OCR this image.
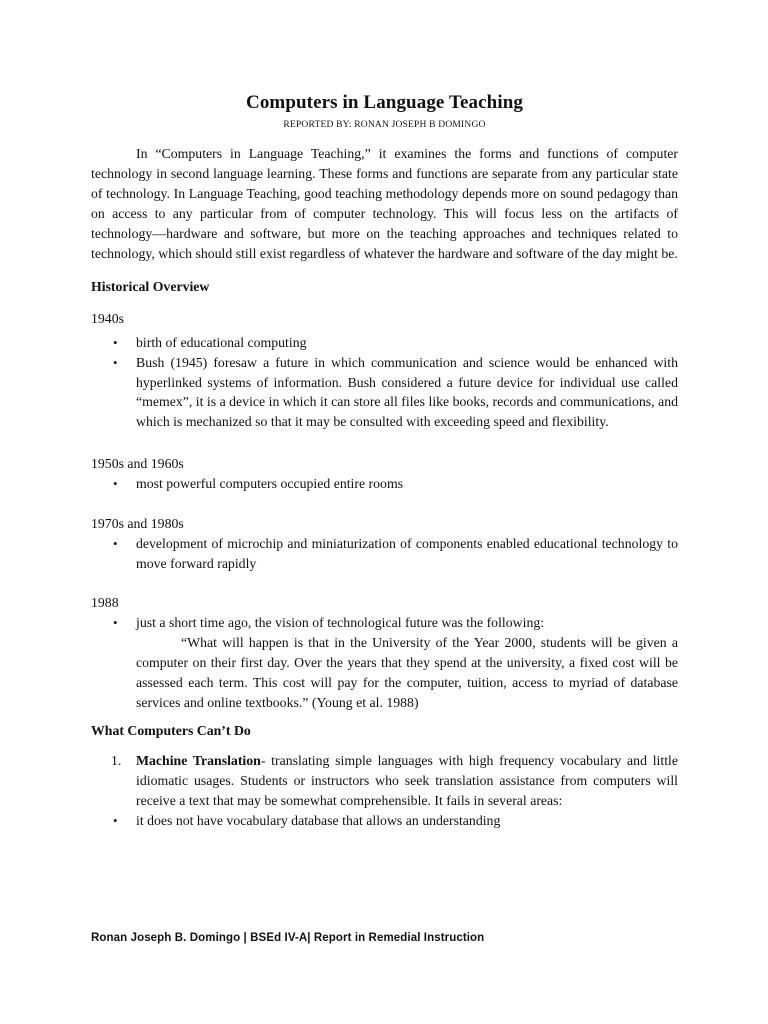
Computers in Language Teaching
REPORTED BY: RONAN JOSEPH B DOMINGO

In “Computers in Language Teaching,” it examines the forms and functions of computer technology in second language learning. These forms and functions are separate from any particular state of technology. In Language Teaching, good teaching methodology depends more on sound pedagogy than on access to any particular from of computer technology. This will focus less on the artifacts of technology—hardware and software, but more on the teaching approaches and techniques related to technology, which should still exist regardless of whatever the hardware and software of the day might be.

Historical Overview
1940s
• birth of educational computing
• Bush (1945) foresaw a future in which communication and science would be enhanced with hyperlinked systems of information. Bush considered a future device for individual use called “memex”, it is a device in which it can store all files like books, records and communications, and which is mechanized so that it may be consulted with exceeding speed and flexibility.
1950s and 1960s
• most powerful computers occupied entire rooms
1970s and 1980s
• development of microchip and miniaturization of components enabled educational technology to move forward rapidly
1988
• just a short time ago, the vision of technological future was the following:

“What will happen is that in the University of the Year 2000, students will be given a computer on their first day. Over the years that they spend at the university, a fixed cost will be assessed each term. This cost will pay for the computer, tuition, access to myriad of database services and online textbooks.” (Young et al. 1988)

What Computers Can’t Do
1. Machine Translation- translating simple languages with high frequency vocabulary and little idiomatic usages. Students or instructors who seek translation assistance from computers will receive a text that may be somewhat comprehensible. It fails in several areas:
• it does not have vocabulary database that allows an understanding
Ronan Joseph B. Domingo | BSEd IV-A| Report in Remedial Instruction
